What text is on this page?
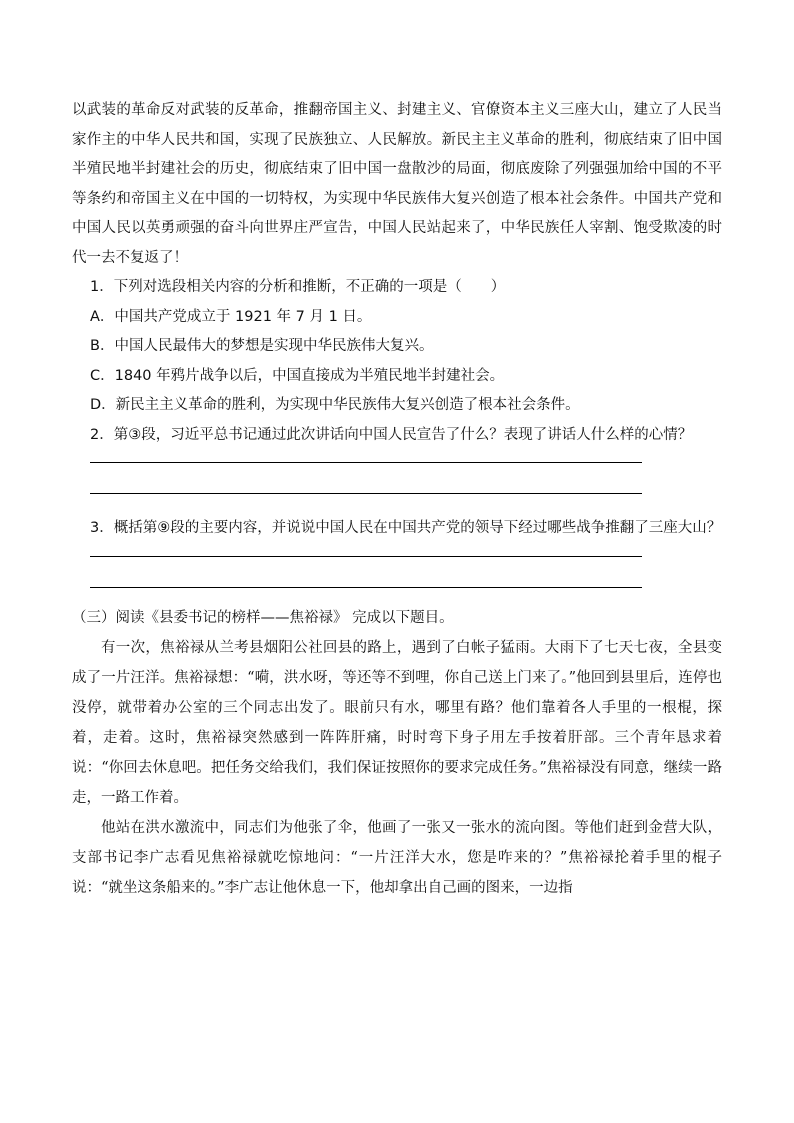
以武装的革命反对武装的反革命，推翻帝国主义、封建主义、官僚资本主义三座大山，建立了人民当家作主的中华人民共和国，实现了民族独立、人民解放。新民主主义革命的胜利，彻底结束了旧中国半殖民地半封建社会的历史，彻底结束了旧中国一盘散沙的局面，彻底废除了列强强加给中国的不平等条约和帝国主义在中国的一切特权，为实现中华民族伟大复兴创造了根本社会条件。中国共产党和中国人民以英勇顽强的奋斗向世界庄严宣告，中国人民站起来了，中华民族任人宰割、饱受欺凌的时代一去不复返了！

1．下列对选段相关内容的分析和推断，不正确的一项是（　　）

A．中国共产党成立于 1921 年 7 月 1 日。

B．中国人民最伟大的梦想是实现中华民族伟大复兴。

C．1840 年鸦片战争以后，中国直接成为半殖民地半封建社会。

D．新民主主义革命的胜利，为实现中华民族伟大复兴创造了根本社会条件。

2．第③段，习近平总书记通过此次讲话向中国人民宣告了什么？表现了讲话人什么样的心情？

3．概括第⑨段的主要内容，并说说中国人民在中国共产党的领导下经过哪些战争推翻了三座大山？

（三）阅读《县委书记的榜样——焦裕禄》 完成以下题目。

有一次，焦裕禄从兰考县烟阳公社回县的路上，遇到了白帐子猛雨。大雨下了七天七夜，全县变成了一片汪洋。焦裕禄想：“嗬，洪水呀，等还等不到哩，你自己送上门来了。”他回到县里后，连停也没停，就带着办公室的三个同志出发了。眼前只有水，哪里有路？他们靠着各人手里的一根棍，探着，走着。这时，焦裕禄突然感到一阵阵肝痛，时时弯下身子用左手按着肝部。三个青年恳求着说：“你回去休息吧。把任务交给我们，我们保证按照你的要求完成任务。”焦裕禄没有同意，继续一路走，一路工作着。

他站在洪水激流中，同志们为他张了伞，他画了一张又一张水的流向图。等他们赶到金营大队，支部书记李广志看见焦裕禄就吃惊地问：“一片汪洋大水，您是咋来的？”焦裕禄抡着手里的棍子说：“就坐这条船来的。”李广志让他休息一下，他却拿出自己画的图来，一边指
